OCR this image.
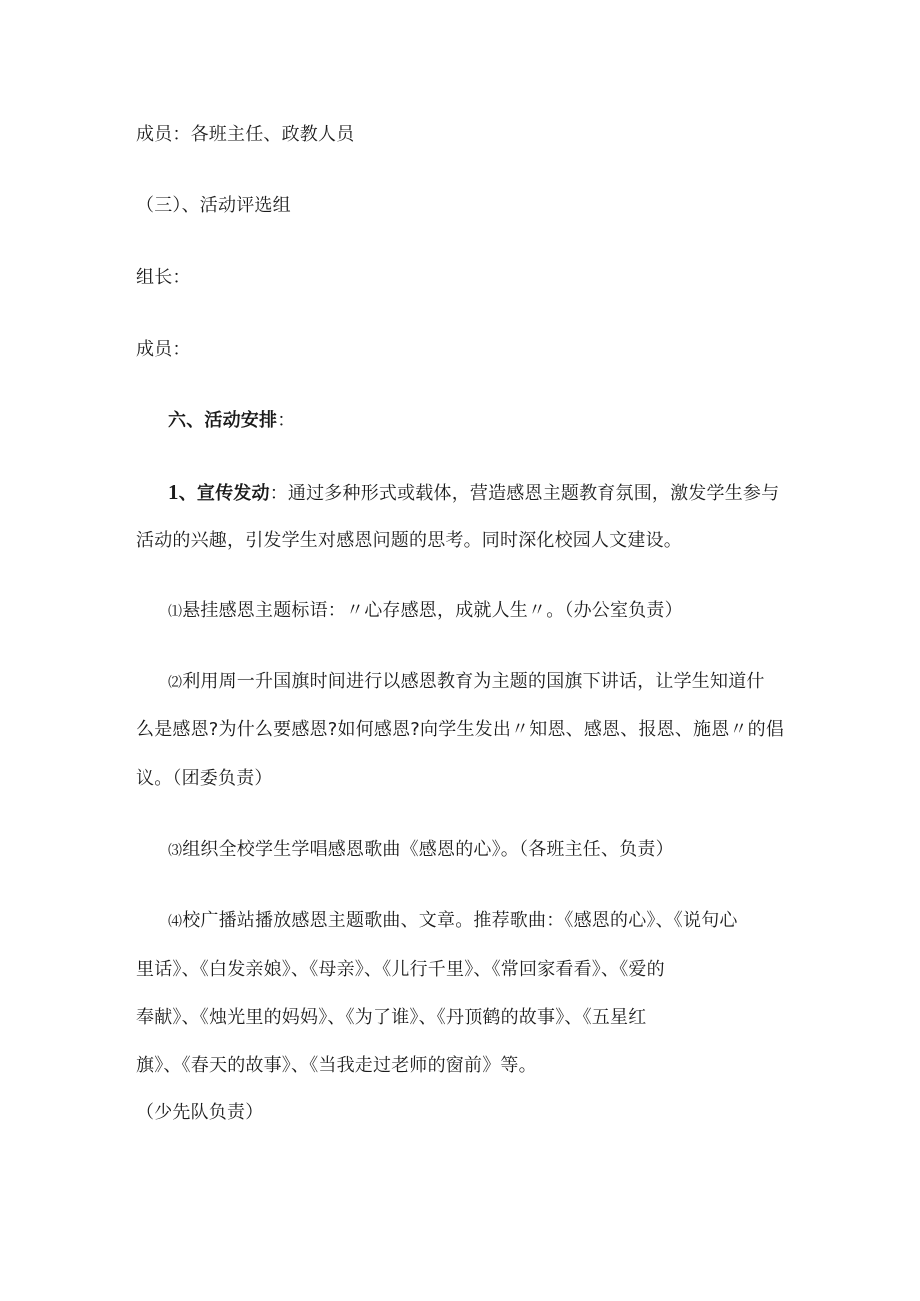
成员：各班主任、政教人员
（三）、活动评选组
组长：
成员：
六、活动安排：
1、宣传发动：通过多种形式或载体，营造感恩主题教育氛围，激发学生参与
活动的兴趣，引发学生对感恩问题的思考。同时深化校园人文建设。
⑴悬挂感恩主题标语：〃心存感恩，成就人生〃。（办公室负责）
⑵利用周一升国旗时间进行以感恩教育为主题的国旗下讲话，让学生知道什
么是感恩?为什么要感恩?如何感恩?向学生发出〃知恩、感恩、报恩、施恩〃的倡
议。（团委负责）
⑶组织全校学生学唱感恩歌曲《感恩的心》。（各班主任、负责）
⑷校广播站播放感恩主题歌曲、文章。推荐歌曲：《感恩的心》、《说句心
里话》、《白发亲娘》、《母亲》、《儿行千里》、《常回家看看》、《爱的
奉献》、《烛光里的妈妈》、《为了谁》、《丹顶鹤的故事》、《五星红
旗》、《春天的故事》、《当我走过老师的窗前》等。
（少先队负责）
